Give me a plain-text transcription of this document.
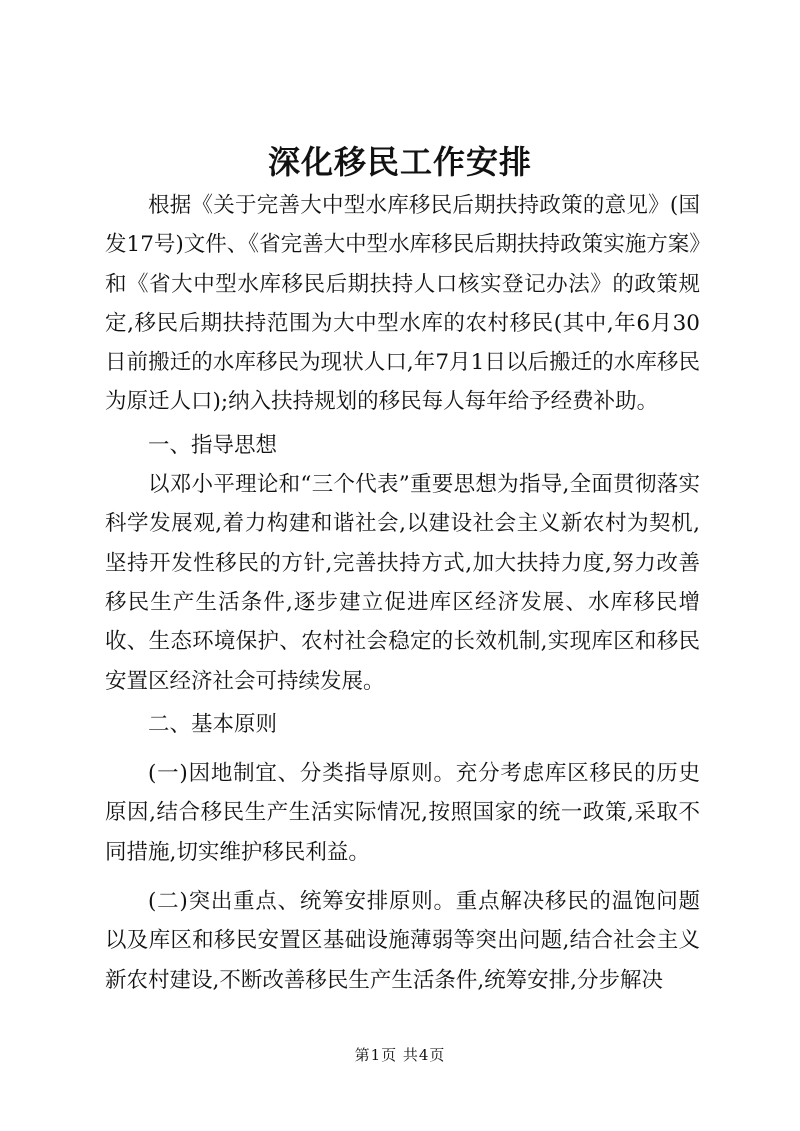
深化移民工作安排

根据《关于完善大中型水库移民后期扶持政策的意见》(国发17号)文件、《省完善大中型水库移民后期扶持政策实施方案》和《省大中型水库移民后期扶持人口核实登记办法》的政策规定,移民后期扶持范围为大中型水库的农村移民(其中,年6月30日前搬迁的水库移民为现状人口,年7月1日以后搬迁的水库移民为原迁人口);纳入扶持规划的移民每人每年给予经费补助。

一、指导思想

以邓小平理论和“三个代表”重要思想为指导,全面贯彻落实科学发展观,着力构建和谐社会,以建设社会主义新农村为契机,坚持开发性移民的方针,完善扶持方式,加大扶持力度,努力改善移民生产生活条件,逐步建立促进库区经济发展、水库移民增收、生态环境保护、农村社会稳定的长效机制,实现库区和移民安置区经济社会可持续发展。

二、基本原则

(一)因地制宜、分类指导原则。充分考虑库区移民的历史原因,结合移民生产生活实际情况,按照国家的统一政策,采取不同措施,切实维护移民利益。

(二)突出重点、统筹安排原则。重点解决移民的温饱问题以及库区和移民安置区基础设施薄弱等突出问题,结合社会主义新农村建设,不断改善移民生产生活条件,统筹安排,分步解决

第1页 共4页
